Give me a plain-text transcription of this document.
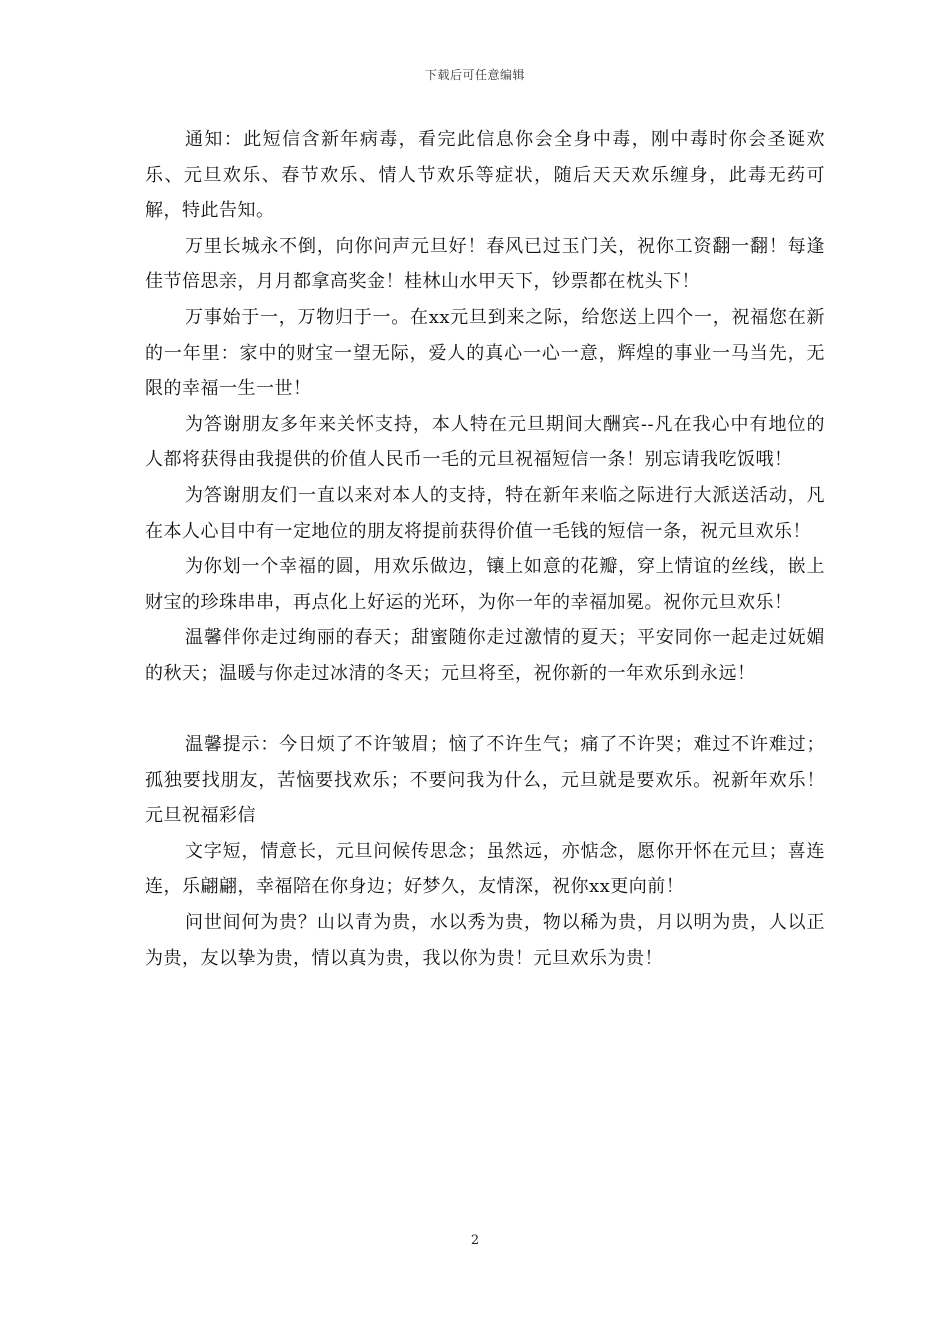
下载后可任意编辑

通知：此短信含新年病毒，看完此信息你会全身中毒，刚中毒时你会圣诞欢乐、元旦欢乐、春节欢乐、情人节欢乐等症状，随后天天欢乐缠身，此毒无药可解，特此告知。

万里长城永不倒，向你问声元旦好！春风已过玉门关，祝你工资翻一翻！每逢佳节倍思亲，月月都拿高奖金！桂林山水甲天下，钞票都在枕头下！

万事始于一，万物归于一。在xx元旦到来之际，给您送上四个一，祝福您在新的一年里：家中的财宝一望无际，爱人的真心一心一意，辉煌的事业一马当先，无限的幸福一生一世！

为答谢朋友多年来关怀支持，本人特在元旦期间大酬宾--凡在我心中有地位的人都将获得由我提供的价值人民币一毛的元旦祝福短信一条！别忘请我吃饭哦！

为答谢朋友们一直以来对本人的支持，特在新年来临之际进行大派送活动，凡在本人心目中有一定地位的朋友将提前获得价值一毛钱的短信一条，祝元旦欢乐！

为你划一个幸福的圆，用欢乐做边，镶上如意的花瓣，穿上情谊的丝线，嵌上财宝的珍珠串串，再点化上好运的光环，为你一年的幸福加冕。祝你元旦欢乐！

温馨伴你走过绚丽的春天；甜蜜随你走过激情的夏天；平安同你一起走过妩媚的秋天；温暖与你走过冰清的冬天；元旦将至，祝你新的一年欢乐到永远！

温馨提示：今日烦了不许皱眉；恼了不许生气；痛了不许哭；难过不许难过；孤独要找朋友，苦恼要找欢乐；不要问我为什么，元旦就是要欢乐。祝新年欢乐！元旦祝福彩信

文字短，情意长，元旦问候传思念；虽然远，亦惦念，愿你开怀在元旦；喜连连，乐翩翩，幸福陪在你身边；好梦久，友情深，祝你xx更向前！

问世间何为贵？山以青为贵，水以秀为贵，物以稀为贵，月以明为贵，人以正为贵，友以挚为贵，情以真为贵，我以你为贵！元旦欢乐为贵！

2
